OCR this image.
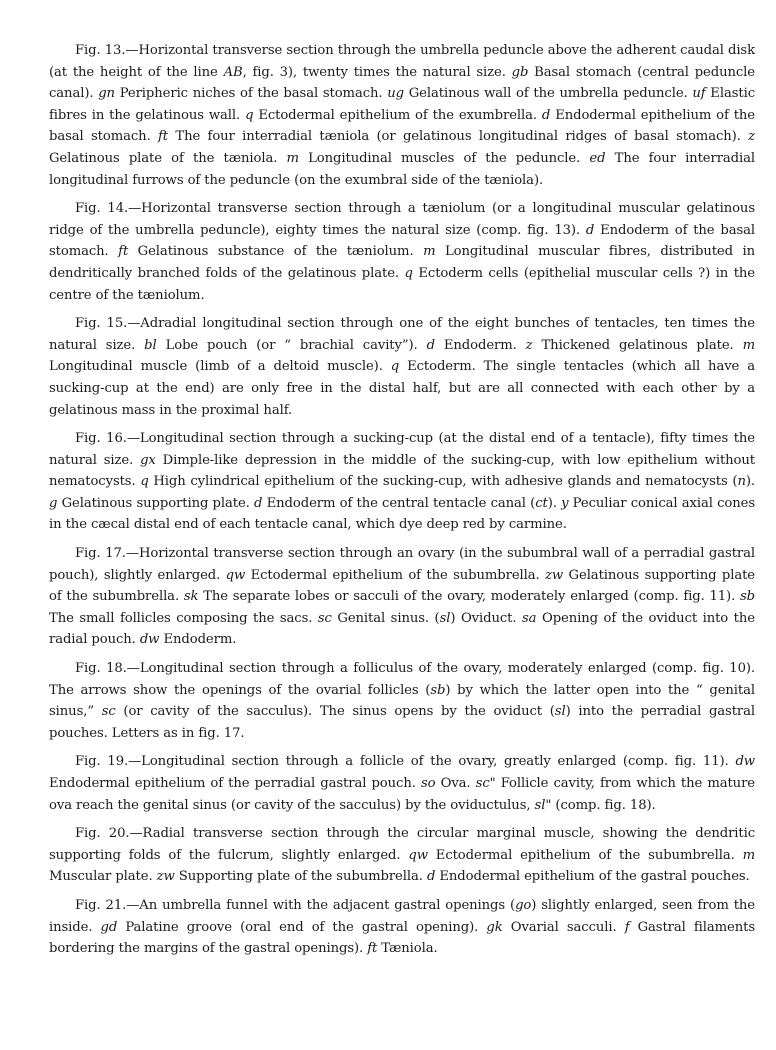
Fig. 13.—Horizontal transverse section through the umbrella peduncle above the adherent caudal disk (at the height of the line AB, fig. 3), twenty times the natural size. gb Basal stomach (central peduncle canal). gn Peripheric niches of the basal stomach. ug Gelatinous wall of the umbrella peduncle. uf Elastic fibres in the gelatinous wall. q Ectodermal epithelium of the exumbrella. d Endodermal epithelium of the basal stomach. ft The four interradial tæniola (or gelatinous longitudinal ridges of basal stomach). z Gelatinous plate of the tæniola. m Longitudinal muscles of the peduncle. ed The four interradial longitudinal furrows of the peduncle (on the exumbral side of the tæniola).

Fig. 14.—Horizontal transverse section through a tæniolum (or a longitudinal muscular gelatinous ridge of the umbrella peduncle), eighty times the natural size (comp. fig. 13). d Endoderm of the basal stomach. ft Gelatinous substance of the tæniolum. m Longitudinal muscular fibres, distributed in dendritically branched folds of the gelatinous plate. q Ectoderm cells (epithelial muscular cells ?) in the centre of the tæniolum.

Fig. 15.—Adradial longitudinal section through one of the eight bunches of tentacles, ten times the natural size. bl Lobe pouch (or “ brachial cavity”). d Endoderm. z Thickened gelatinous plate. m Longitudinal muscle (limb of a deltoid muscle). q Ectoderm. The single tentacles (which all have a sucking-cup at the end) are only free in the distal half, but are all connected with each other by a gelatinous mass in the proximal half.

Fig. 16.—Longitudinal section through a sucking-cup (at the distal end of a tentacle), fifty times the natural size. gx Dimple-like depression in the middle of the sucking-cup, with low epithelium without nematocysts. q High cylindrical epithelium of the sucking-cup, with adhesive glands and nematocysts (n). g Gelatinous supporting plate. d Endoderm of the central tentacle canal (ct). y Peculiar conical axial cones in the cæcal distal end of each tentacle canal, which dye deep red by carmine.

Fig. 17.—Horizontal transverse section through an ovary (in the subumbral wall of a perradial gastral pouch), slightly enlarged. qw Ectodermal epithelium of the subumbrella. zw Gelatinous supporting plate of the subumbrella. sk The separate lobes or sacculi of the ovary, moderately enlarged (comp. fig. 11). sb The small follicles composing the sacs. sc Genital sinus. (sl) Oviduct. sa Opening of the oviduct into the radial pouch. dw Endoderm.

Fig. 18.—Longitudinal section through a folliculus of the ovary, moderately enlarged (comp. fig. 10). The arrows show the openings of the ovarial follicles (sb) by which the latter open into the “ genital sinus,” sc (or cavity of the sacculus). The sinus opens by the oviduct (sl) into the perradial gastral pouches. Letters as in fig. 17.

Fig. 19.—Longitudinal section through a follicle of the ovary, greatly enlarged (comp. fig. 11). dw Endodermal epithelium of the perradial gastral pouch. so Ova. sc" Follicle cavity, from which the mature ova reach the genital sinus (or cavity of the sacculus) by the oviductulus, sl" (comp. fig. 18).

Fig. 20.—Radial transverse section through the circular marginal muscle, showing the dendritic supporting folds of the fulcrum, slightly enlarged. qw Ectodermal epithelium of the subumbrella. m Muscular plate. zw Supporting plate of the subumbrella. d Endodermal epithelium of the gastral pouches.

Fig. 21.—An umbrella funnel with the adjacent gastral openings (go) slightly enlarged, seen from the inside. gd Palatine groove (oral end of the gastral opening). gk Ovarial sacculi. f Gastral filaments bordering the margins of the gastral openings). ft Tæniola.
